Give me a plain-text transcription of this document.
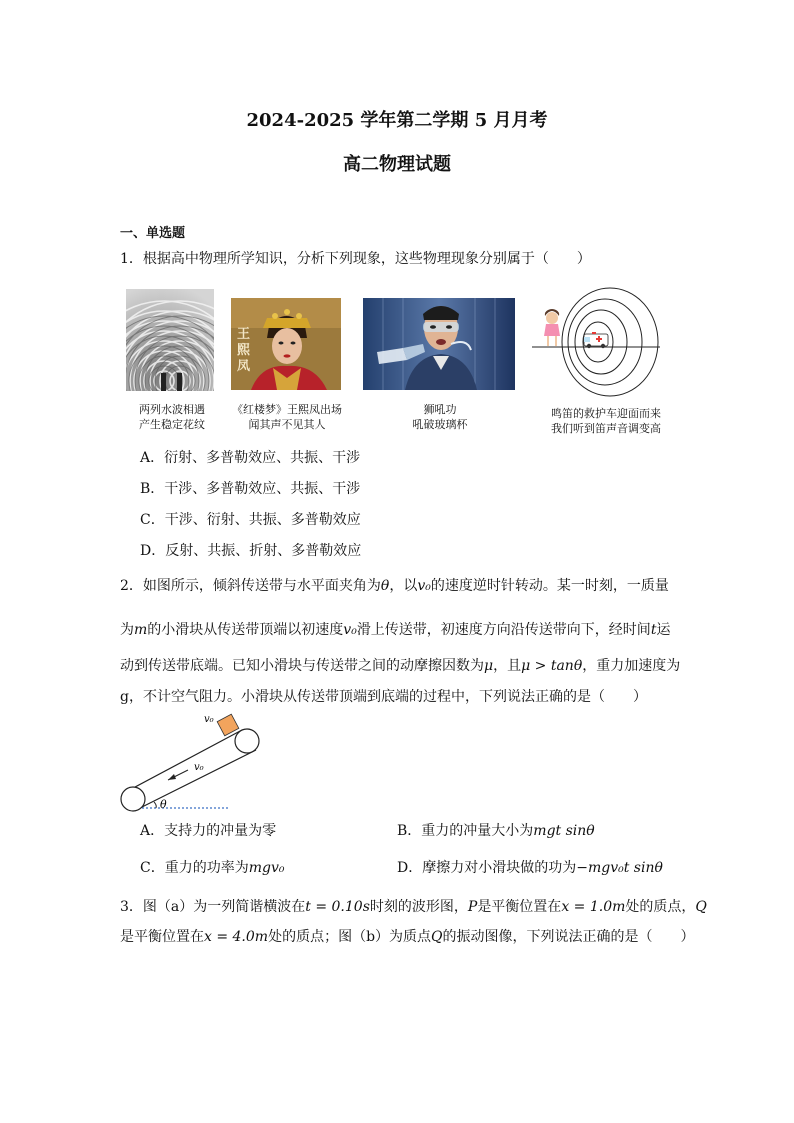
2024-2025 学年第二学期 5 月月考
高二物理试题
一、单选题
1．根据高中物理所学知识，分析下列现象，这些物理现象分别属于（　　）
王
熙
凤
两列水波相遇
产生稳定花纹
《红楼梦》王熙凤出场
闻其声不见其人
狮吼功
吼破玻璃杯
鸣笛的救护车迎面而来
我们听到笛声音调变高
A．衍射、多普勒效应、共振、干涉
B．干涉、多普勒效应、共振、干涉
C．干涉、衍射、共振、多普勒效应
D．反射、共振、折射、多普勒效应
2．如图所示，倾斜传送带与水平面夹角为θ，以v₀的速度逆时针转动。某一时刻，一质量
为m的小滑块从传送带顶端以初速度v₀滑上传送带，初速度方向沿传送带向下，经时间t运
动到传送带底端。已知小滑块与传送带之间的动摩擦因数为μ，且μ > tanθ，重力加速度为
g，不计空气阻力。小滑块从传送带顶端到底端的过程中，下列说法正确的是（　　）
v₀
v₀
θ
A．支持力的冲量为零	B．重力的冲量大小为mgt sinθ
C．重力的功率为mgv₀	D．摩擦力对小滑块做的功为−mgv₀t sinθ
3．图（a）为一列简谐横波在t = 0.10s时刻的波形图，P是平衡位置在x = 1.0m处的质点，Q
是平衡位置在x = 4.0m处的质点；图（b）为质点Q的振动图像，下列说法正确的是（　　）
